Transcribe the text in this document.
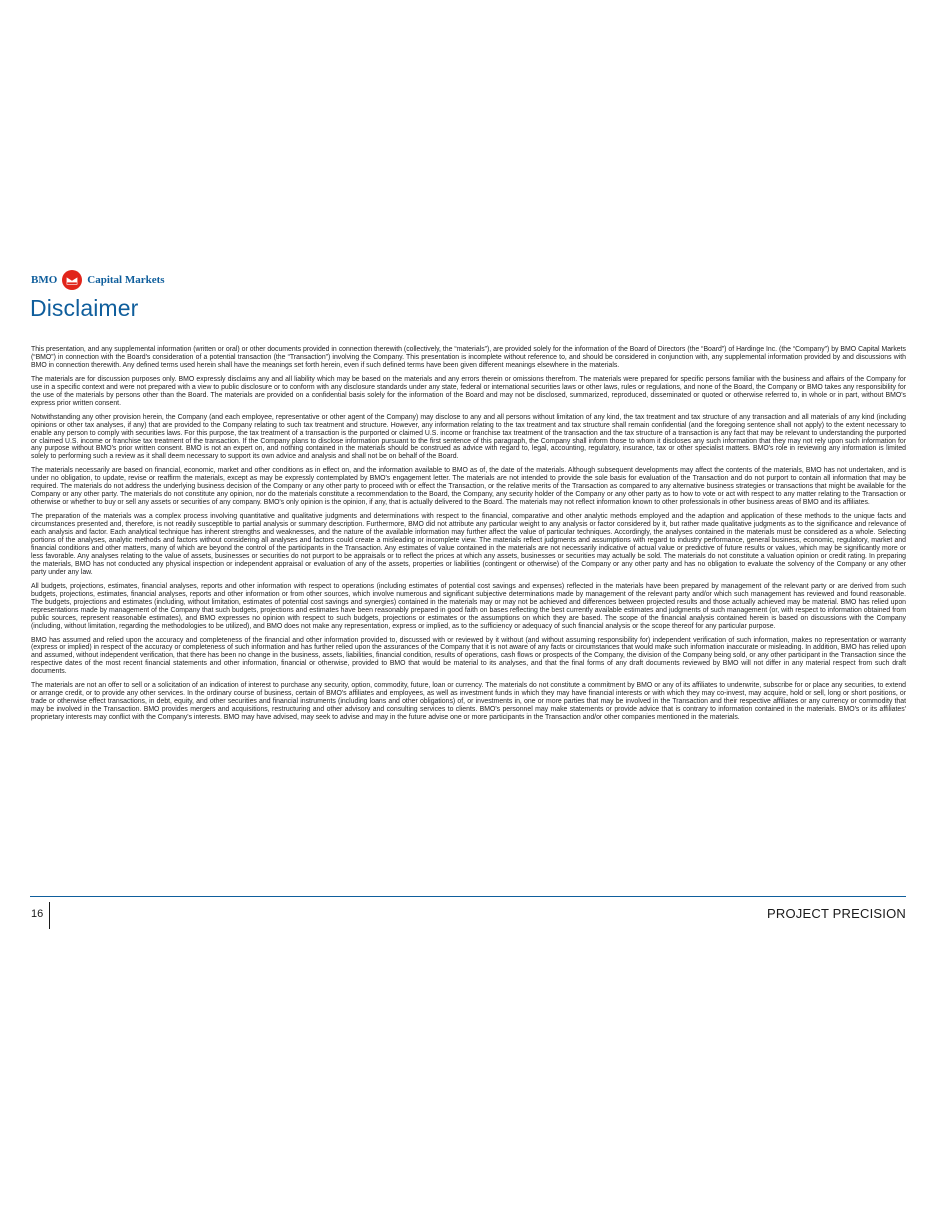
BMO	Capital Markets
Disclaimer

This presentation, and any supplemental information (written or oral) or other documents provided in connection therewith (collectively, the “materials”), are provided solely for the information of the Board of Directors (the “Board”) of Hardinge Inc. (the “Company”) by BMO Capital Markets (“BMO”) in connection with the Board's consideration of a potential transaction (the “Transaction”) involving the Company. This presentation is incomplete without reference to, and should be considered in conjunction with, any supplemental information provided by and discussions with BMO in connection therewith. Any defined terms used herein shall have the meanings set forth herein, even if such defined terms have been given different meanings elsewhere in the materials.

The materials are for discussion purposes only. BMO expressly disclaims any and all liability which may be based on the materials and any errors therein or omissions therefrom. The materials were prepared for specific persons familiar with the business and affairs of the Company for use in a specific context and were not prepared with a view to public disclosure or to conform with any disclosure standards under any state, federal or international securities laws or other laws, rules or regulations, and none of the Board, the Company or BMO takes any responsibility for the use of the materials by persons other than the Board. The materials are provided on a confidential basis solely for the information of the Board and may not be disclosed, summarized, reproduced, disseminated or quoted or otherwise referred to, in whole or in part, without BMO's express prior written consent.

Notwithstanding any other provision herein, the Company (and each employee, representative or other agent of the Company) may disclose to any and all persons without limitation of any kind, the tax treatment and tax structure of any transaction and all materials of any kind (including opinions or other tax analyses, if any) that are provided to the Company relating to such tax treatment and structure. However, any information relating to the tax treatment and tax structure shall remain confidential (and the foregoing sentence shall not apply) to the extent necessary to enable any person to comply with securities laws. For this purpose, the tax treatment of a transaction is the purported or claimed U.S. income or franchise tax treatment of the transaction and the tax structure of a transaction is any fact that may be relevant to understanding the purported or claimed U.S. income or franchise tax treatment of the transaction. If the Company plans to disclose information pursuant to the first sentence of this paragraph, the Company shall inform those to whom it discloses any such information that they may not rely upon such information for any purpose without BMO's prior written consent. BMO is not an expert on, and nothing contained in the materials should be construed as advice with regard to, legal, accounting, regulatory, insurance, tax or other specialist matters. BMO's role in reviewing any information is limited solely to performing such a review as it shall deem necessary to support its own advice and analysis and shall not be on behalf of the Board.

The materials necessarily are based on financial, economic, market and other conditions as in effect on, and the information available to BMO as of, the date of the materials. Although subsequent developments may affect the contents of the materials, BMO has not undertaken, and is under no obligation, to update, revise or reaffirm the materials, except as may be expressly contemplated by BMO's engagement letter. The materials are not intended to provide the sole basis for evaluation of the Transaction and do not purport to contain all information that may be required. The materials do not address the underlying business decision of the Company or any other party to proceed with or effect the Transaction, or the relative merits of the Transaction as compared to any alternative business strategies or transactions that might be available for the Company or any other party. The materials do not constitute any opinion, nor do the materials constitute a recommendation to the Board, the Company, any security holder of the Company or any other party as to how to vote or act with respect to any matter relating to the Transaction or otherwise or whether to buy or sell any assets or securities of any company. BMO's only opinion is the opinion, if any, that is actually delivered to the Board. The materials may not reflect information known to other professionals in other business areas of BMO and its affiliates.

The preparation of the materials was a complex process involving quantitative and qualitative judgments and determinations with respect to the financial, comparative and other analytic methods employed and the adaption and application of these methods to the unique facts and circumstances presented and, therefore, is not readily susceptible to partial analysis or summary description. Furthermore, BMO did not attribute any particular weight to any analysis or factor considered by it, but rather made qualitative judgments as to the significance and relevance of each analysis and factor. Each analytical technique has inherent strengths and weaknesses, and the nature of the available information may further affect the value of particular techniques. Accordingly, the analyses contained in the materials must be considered as a whole. Selecting portions of the analyses, analytic methods and factors without considering all analyses and factors could create a misleading or incomplete view. The materials reflect judgments and assumptions with regard to industry performance, general business, economic, regulatory, market and financial conditions and other matters, many of which are beyond the control of the participants in the Transaction. Any estimates of value contained in the materials are not necessarily indicative of actual value or predictive of future results or values, which may be significantly more or less favorable. Any analyses relating to the value of assets, businesses or securities do not purport to be appraisals or to reflect the prices at which any assets, businesses or securities may actually be sold. The materials do not constitute a valuation opinion or credit rating. In preparing the materials, BMO has not conducted any physical inspection or independent appraisal or evaluation of any of the assets, properties or liabilities (contingent or otherwise) of the Company or any other party and has no obligation to evaluate the solvency of the Company or any other party under any law.

All budgets, projections, estimates, financial analyses, reports and other information with respect to operations (including estimates of potential cost savings and expenses) reflected in the materials have been prepared by management of the relevant party or are derived from such budgets, projections, estimates, financial analyses, reports and other information or from other sources, which involve numerous and significant subjective determinations made by management of the relevant party and/or which such management has reviewed and found reasonable. The budgets, projections and estimates (including, without limitation, estimates of potential cost savings and synergies) contained in the materials may or may not be achieved and differences between projected results and those actually achieved may be material. BMO has relied upon representations made by management of the Company that such budgets, projections and estimates have been reasonably prepared in good faith on bases reflecting the best currently available estimates and judgments of such management (or, with respect to information obtained from public sources, represent reasonable estimates), and BMO expresses no opinion with respect to such budgets, projections or estimates or the assumptions on which they are based. The scope of the financial analysis contained herein is based on discussions with the Company (including, without limitation, regarding the methodologies to be utilized), and BMO does not make any representation, express or implied, as to the sufficiency or adequacy of such financial analysis or the scope thereof for any particular purpose.

BMO has assumed and relied upon the accuracy and completeness of the financial and other information provided to, discussed with or reviewed by it without (and without assuming responsibility for) independent verification of such information, makes no representation or warranty (express or implied) in respect of the accuracy or completeness of such information and has further relied upon the assurances of the Company that it is not aware of any facts or circumstances that would make such information inaccurate or misleading. In addition, BMO has relied upon and assumed, without independent verification, that there has been no change in the business, assets, liabilities, financial condition, results of operations, cash flows or prospects of the Company, the division of the Company being sold, or any other participant in the Transaction since the respective dates of the most recent financial statements and other information, financial or otherwise, provided to BMO that would be material to its analyses, and that the final forms of any draft documents reviewed by BMO will not differ in any material respect from such draft documents.

The materials are not an offer to sell or a solicitation of an indication of interest to purchase any security, option, commodity, future, loan or currency. The materials do not constitute a commitment by BMO or any of its affiliates to underwrite, subscribe for or place any securities, to extend or arrange credit, or to provide any other services. In the ordinary course of business, certain of BMO's affiliates and employees, as well as investment funds in which they may have financial interests or with which they may co-invest, may acquire, hold or sell, long or short positions, or trade or otherwise effect transactions, in debt, equity, and other securities and financial instruments (including loans and other obligations) of, or investments in, one or more parties that may be involved in the Transaction and their respective affiliates or any currency or commodity that may be involved in the Transaction. BMO provides mergers and acquisitions, restructuring and other advisory and consulting services to clients. BMO's personnel may make statements or provide advice that is contrary to information contained in the materials. BMO's or its affiliates' proprietary interests may conflict with the Company's interests. BMO may have advised, may seek to advise and may in the future advise one or more participants in the Transaction and/or other companies mentioned in the materials.

16	PROJECT PRECISION
